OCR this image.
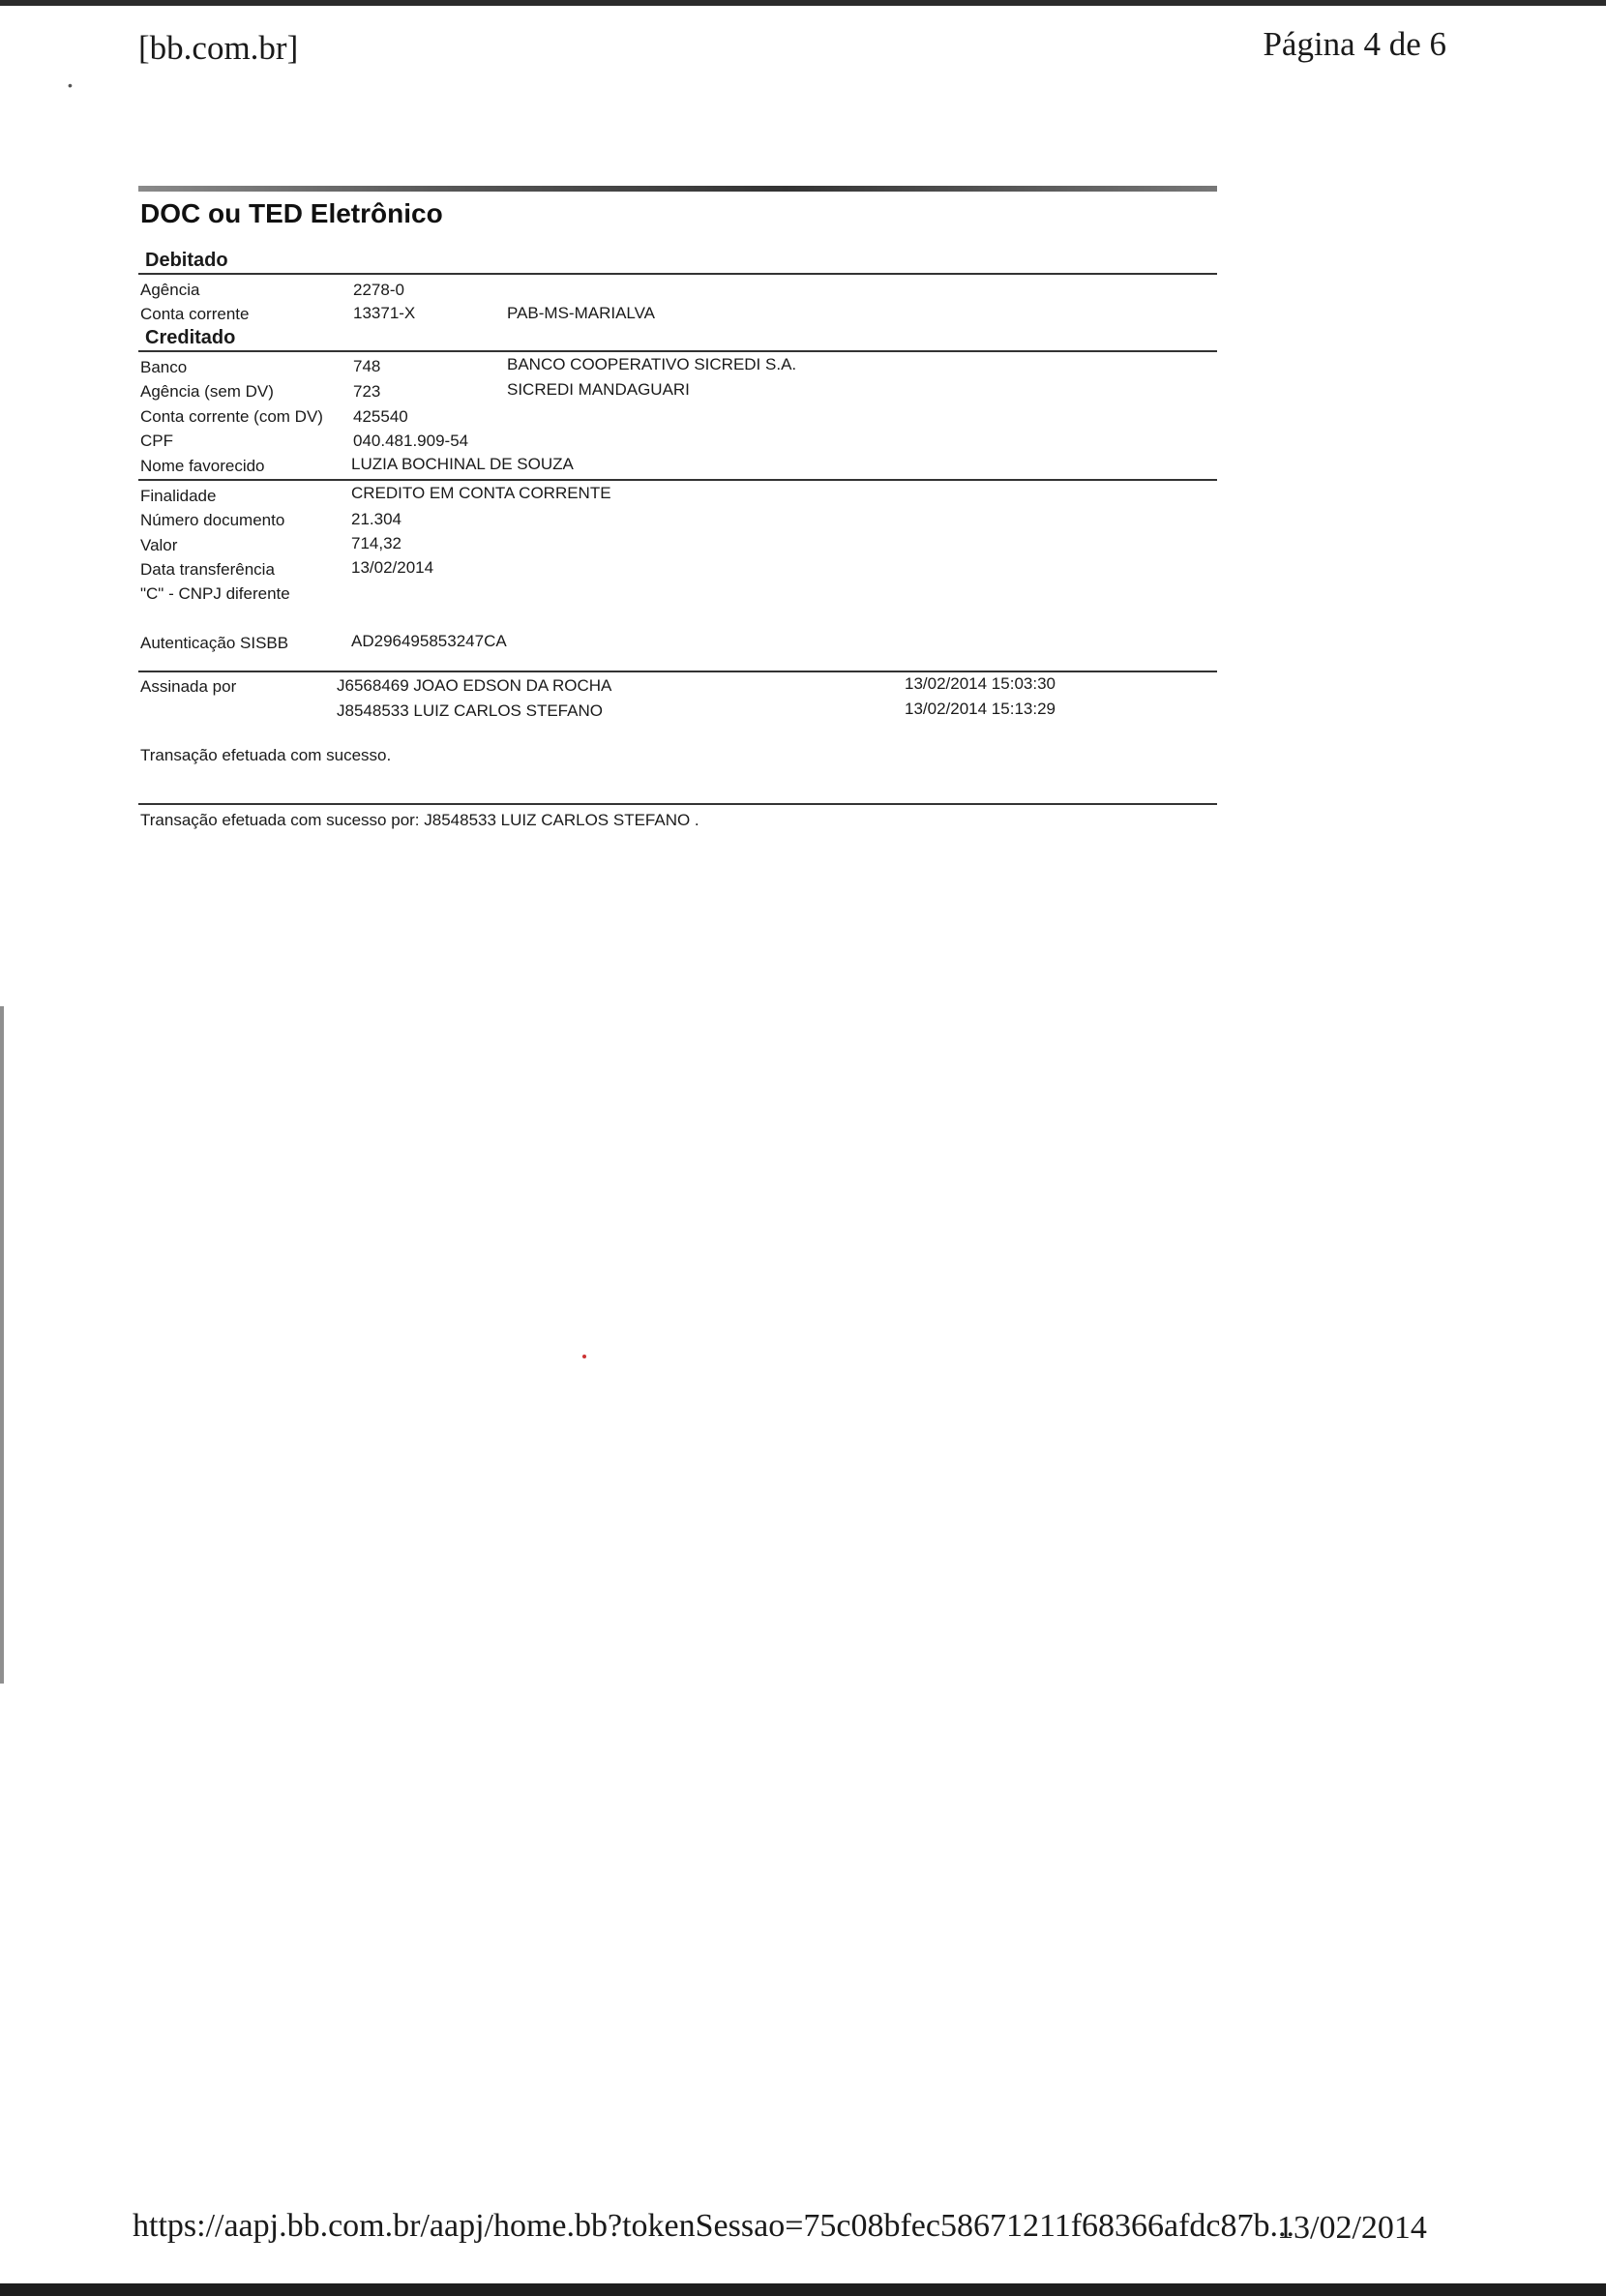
•
[bb.com.br]	Página 4 de 6
DOC ou TED Eletrônico
Debitado
Agência	2278-0
Conta corrente	13371-X	PAB-MS-MARIALVA
Creditado
Banco	748	BANCO COOPERATIVO SICREDI S.A.
Agência (sem DV)	723	SICREDI MANDAGUARI
Conta corrente (com DV) 425540
CPF	040.481.909-54
Nome favorecido	LUZIA BOCHINAL DE SOUZA
Finalidade	CREDITO EM CONTA CORRENTE
Número documento	21.304
Valor	714,32
Data transferência	13/02/2014
"C" - CNPJ diferente
Autenticação SISBB	AD296495853247CA
Assinada por	J6568469 JOAO EDSON DA ROCHA	13/02/2014 15:03:30
J8548533 LUIZ CARLOS STEFANO	13/02/2014 15:13:29
Transação efetuada com sucesso.
Transação efetuada com sucesso por: J8548533 LUIZ CARLOS STEFANO .
https://aapj.bb.com.br/aapj/home.bb?tokenSessao=75c08bfec58671211f68366afdc87b...
13/02/2014
